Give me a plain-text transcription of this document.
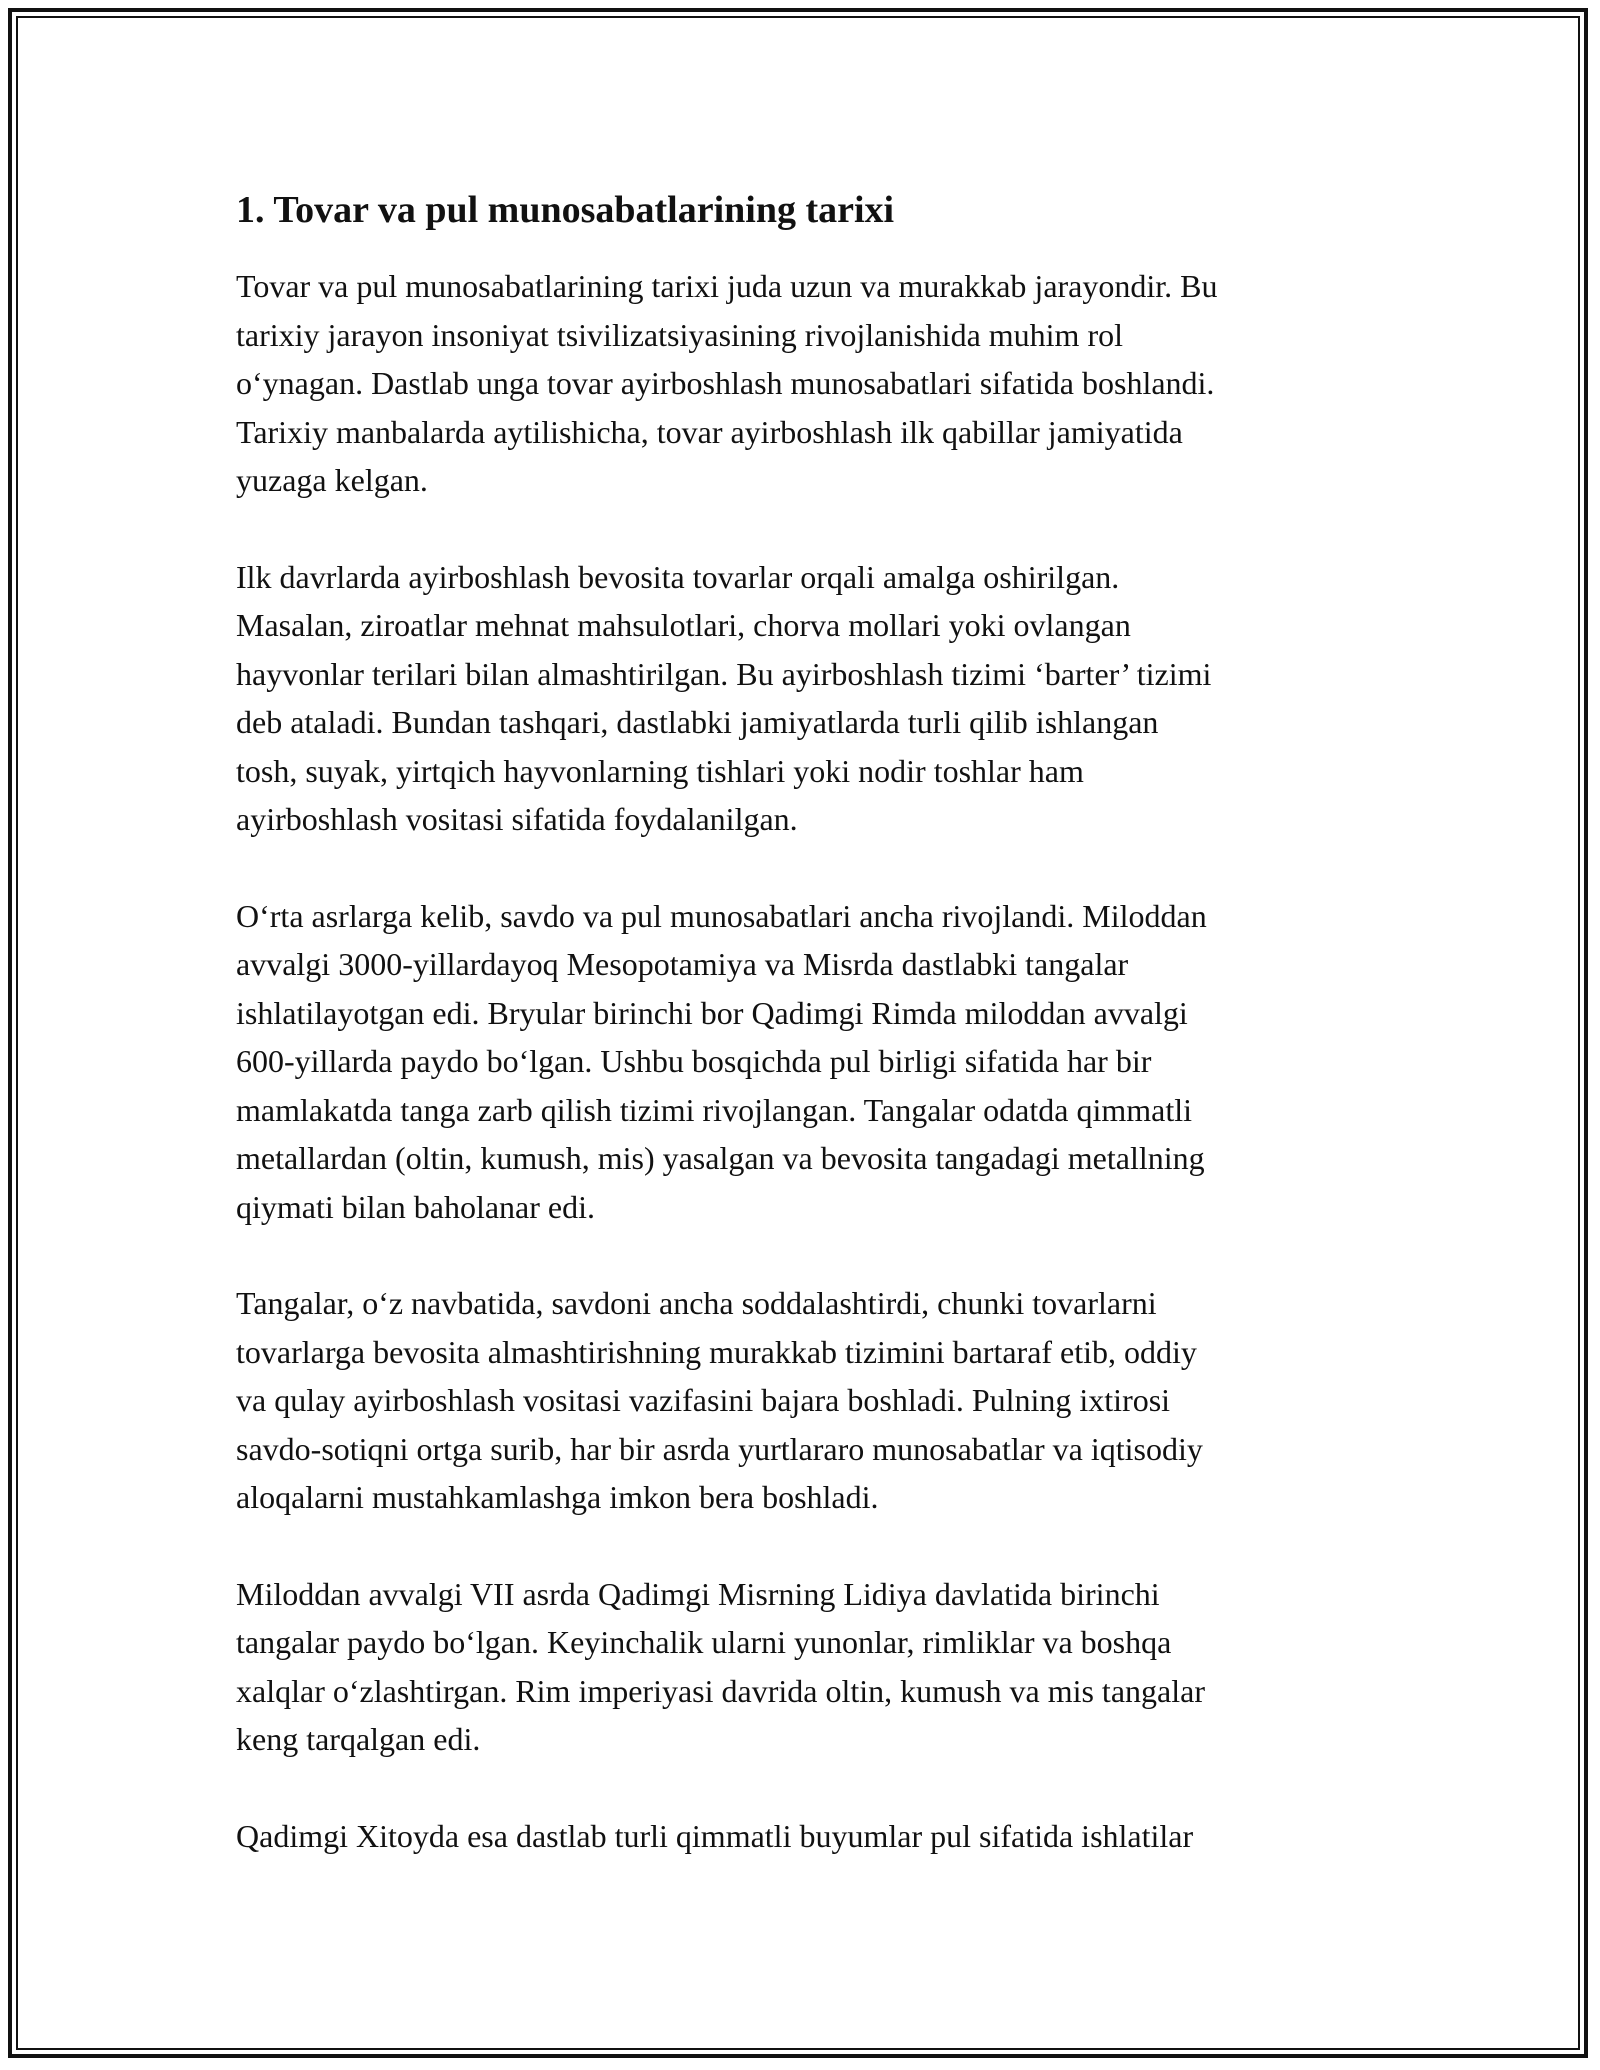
1. Tovar va pul munosabatlarining tarixi

Tovar va pul munosabatlarining tarixi juda uzun va murakkab jarayondir. Bu
tarixiy jarayon insoniyat tsivilizatsiyasining rivojlanishida muhim rol
o‘ynagan. Dastlab unga tovar ayirboshlash munosabatlari sifatida boshlandi.
Tarixiy manbalarda aytilishicha, tovar ayirboshlash ilk qabillar jamiyatida
yuzaga kelgan.

Ilk davrlarda ayirboshlash bevosita tovarlar orqali amalga oshirilgan.
Masalan, ziroatlar mehnat mahsulotlari, chorva mollari yoki ovlangan
hayvonlar terilari bilan almashtirilgan. Bu ayirboshlash tizimi ‘barter’ tizimi
deb ataladi. Bundan tashqari, dastlabki jamiyatlarda turli qilib ishlangan
tosh, suyak, yirtqich hayvonlarning tishlari yoki nodir toshlar ham
ayirboshlash vositasi sifatida foydalanilgan.

O‘rta asrlarga kelib, savdo va pul munosabatlari ancha rivojlandi. Miloddan
avvalgi 3000-yillardayoq Mesopotamiya va Misrda dastlabki tangalar
ishlatilayotgan edi. Bryular birinchi bor Qadimgi Rimda miloddan avvalgi
600-yillarda paydo bo‘lgan. Ushbu bosqichda pul birligi sifatida har bir
mamlakatda tanga zarb qilish tizimi rivojlangan. Tangalar odatda qimmatli
metallardan (oltin, kumush, mis) yasalgan va bevosita tangadagi metallning
qiymati bilan baholanar edi.

Tangalar, o‘z navbatida, savdoni ancha soddalashtirdi, chunki tovarlarni
tovarlarga bevosita almashtirishning murakkab tizimini bartaraf etib, oddiy
va qulay ayirboshlash vositasi vazifasini bajara boshladi. Pulning ixtirosi
savdo-sotiqni ortga surib, har bir asrda yurtlararo munosabatlar va iqtisodiy
aloqalarni mustahkamlashga imkon bera boshladi.

Miloddan avvalgi VII asrda Qadimgi Misrning Lidiya davlatida birinchi
tangalar paydo bo‘lgan. Keyinchalik ularni yunonlar, rimliklar va boshqa
xalqlar o‘zlashtirgan. Rim imperiyasi davrida oltin, kumush va mis tangalar
keng tarqalgan edi.

Qadimgi Xitoyda esa dastlab turli qimmatli buyumlar pul sifatida ishlatilar
